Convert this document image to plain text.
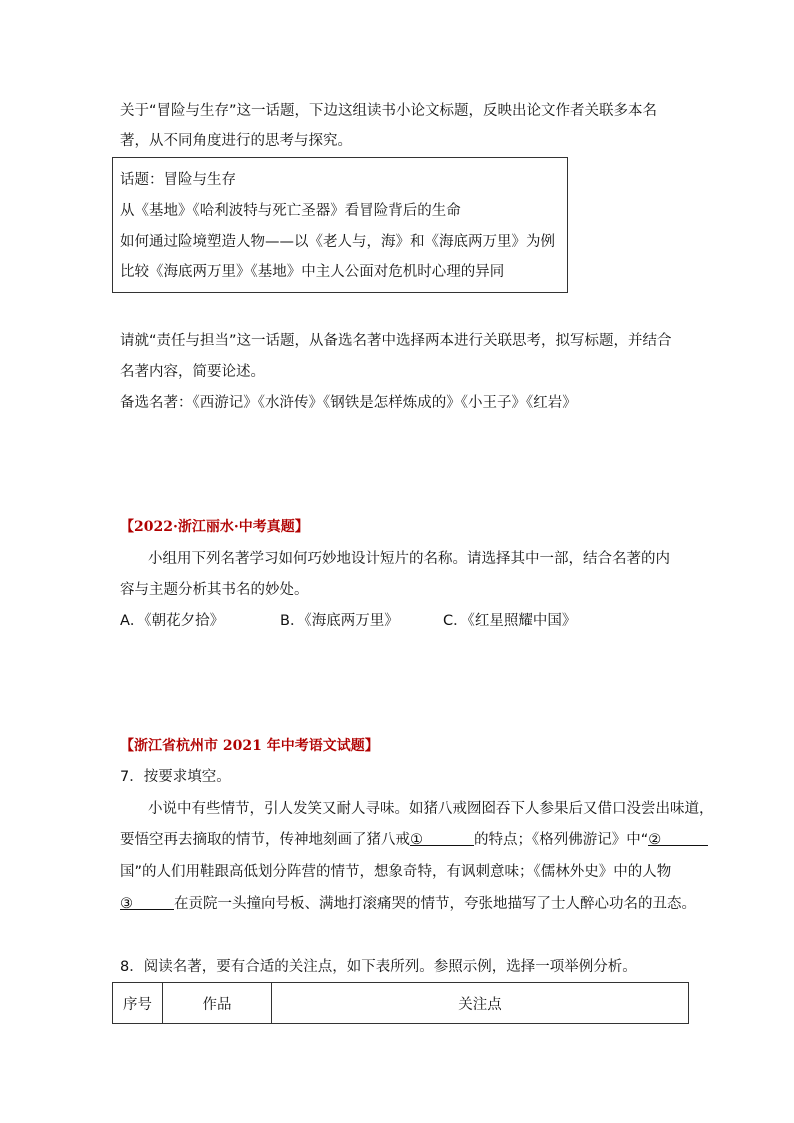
关于“冒险与生存”这一话题，下边这组读书小论文标题，反映出论文作者关联多本名
著，从不同角度进行的思考与探究。
话题：冒险与生存
从《基地》《哈利波特与死亡圣器》看冒险背后的生命
如何通过险境塑造人物——以《老人与，海》和《海底两万里》为例
比较《海底两万里》《基地》中主人公面对危机时心理的异同
请就“责任与担当”这一话题，从备选名著中选择两本进行关联思考，拟写标题，并结合
名著内容，简要论述。
备选名著：《西游记》《水浒传》《钢铁是怎样炼成的》《小王子》《红岩》
【2022·浙江丽水·中考真题】
小组用下列名著学习如何巧妙地设计短片的名称。请选择其中一部，结合名著的内
容与主题分析其书名的妙处。
A．《朝花夕拾》	B．《海底两万里》	C．《红星照耀中国》
【浙江省杭州市 2021 年中考语文试题】
7．按要求填空。
小说中有些情节，引人发笑又耐人寻味。如猪八戒囫囵吞下人参果后又借口没尝出味道，
要悟空再去摘取的情节，传神地刻画了猪八戒①	的特点；《格列佛游记》中“②
国”的人们用鞋跟高低划分阵营的情节，想象奇特，有讽刺意味；《儒林外史》中的人物
③	在贡院一头撞向号板、满地打滚痛哭的情节，夸张地描写了士人醉心功名的丑态。
8．阅读名著，要有合适的关注点，如下表所列。参照示例，选择一项举例分析。
序号	作品	关注点
